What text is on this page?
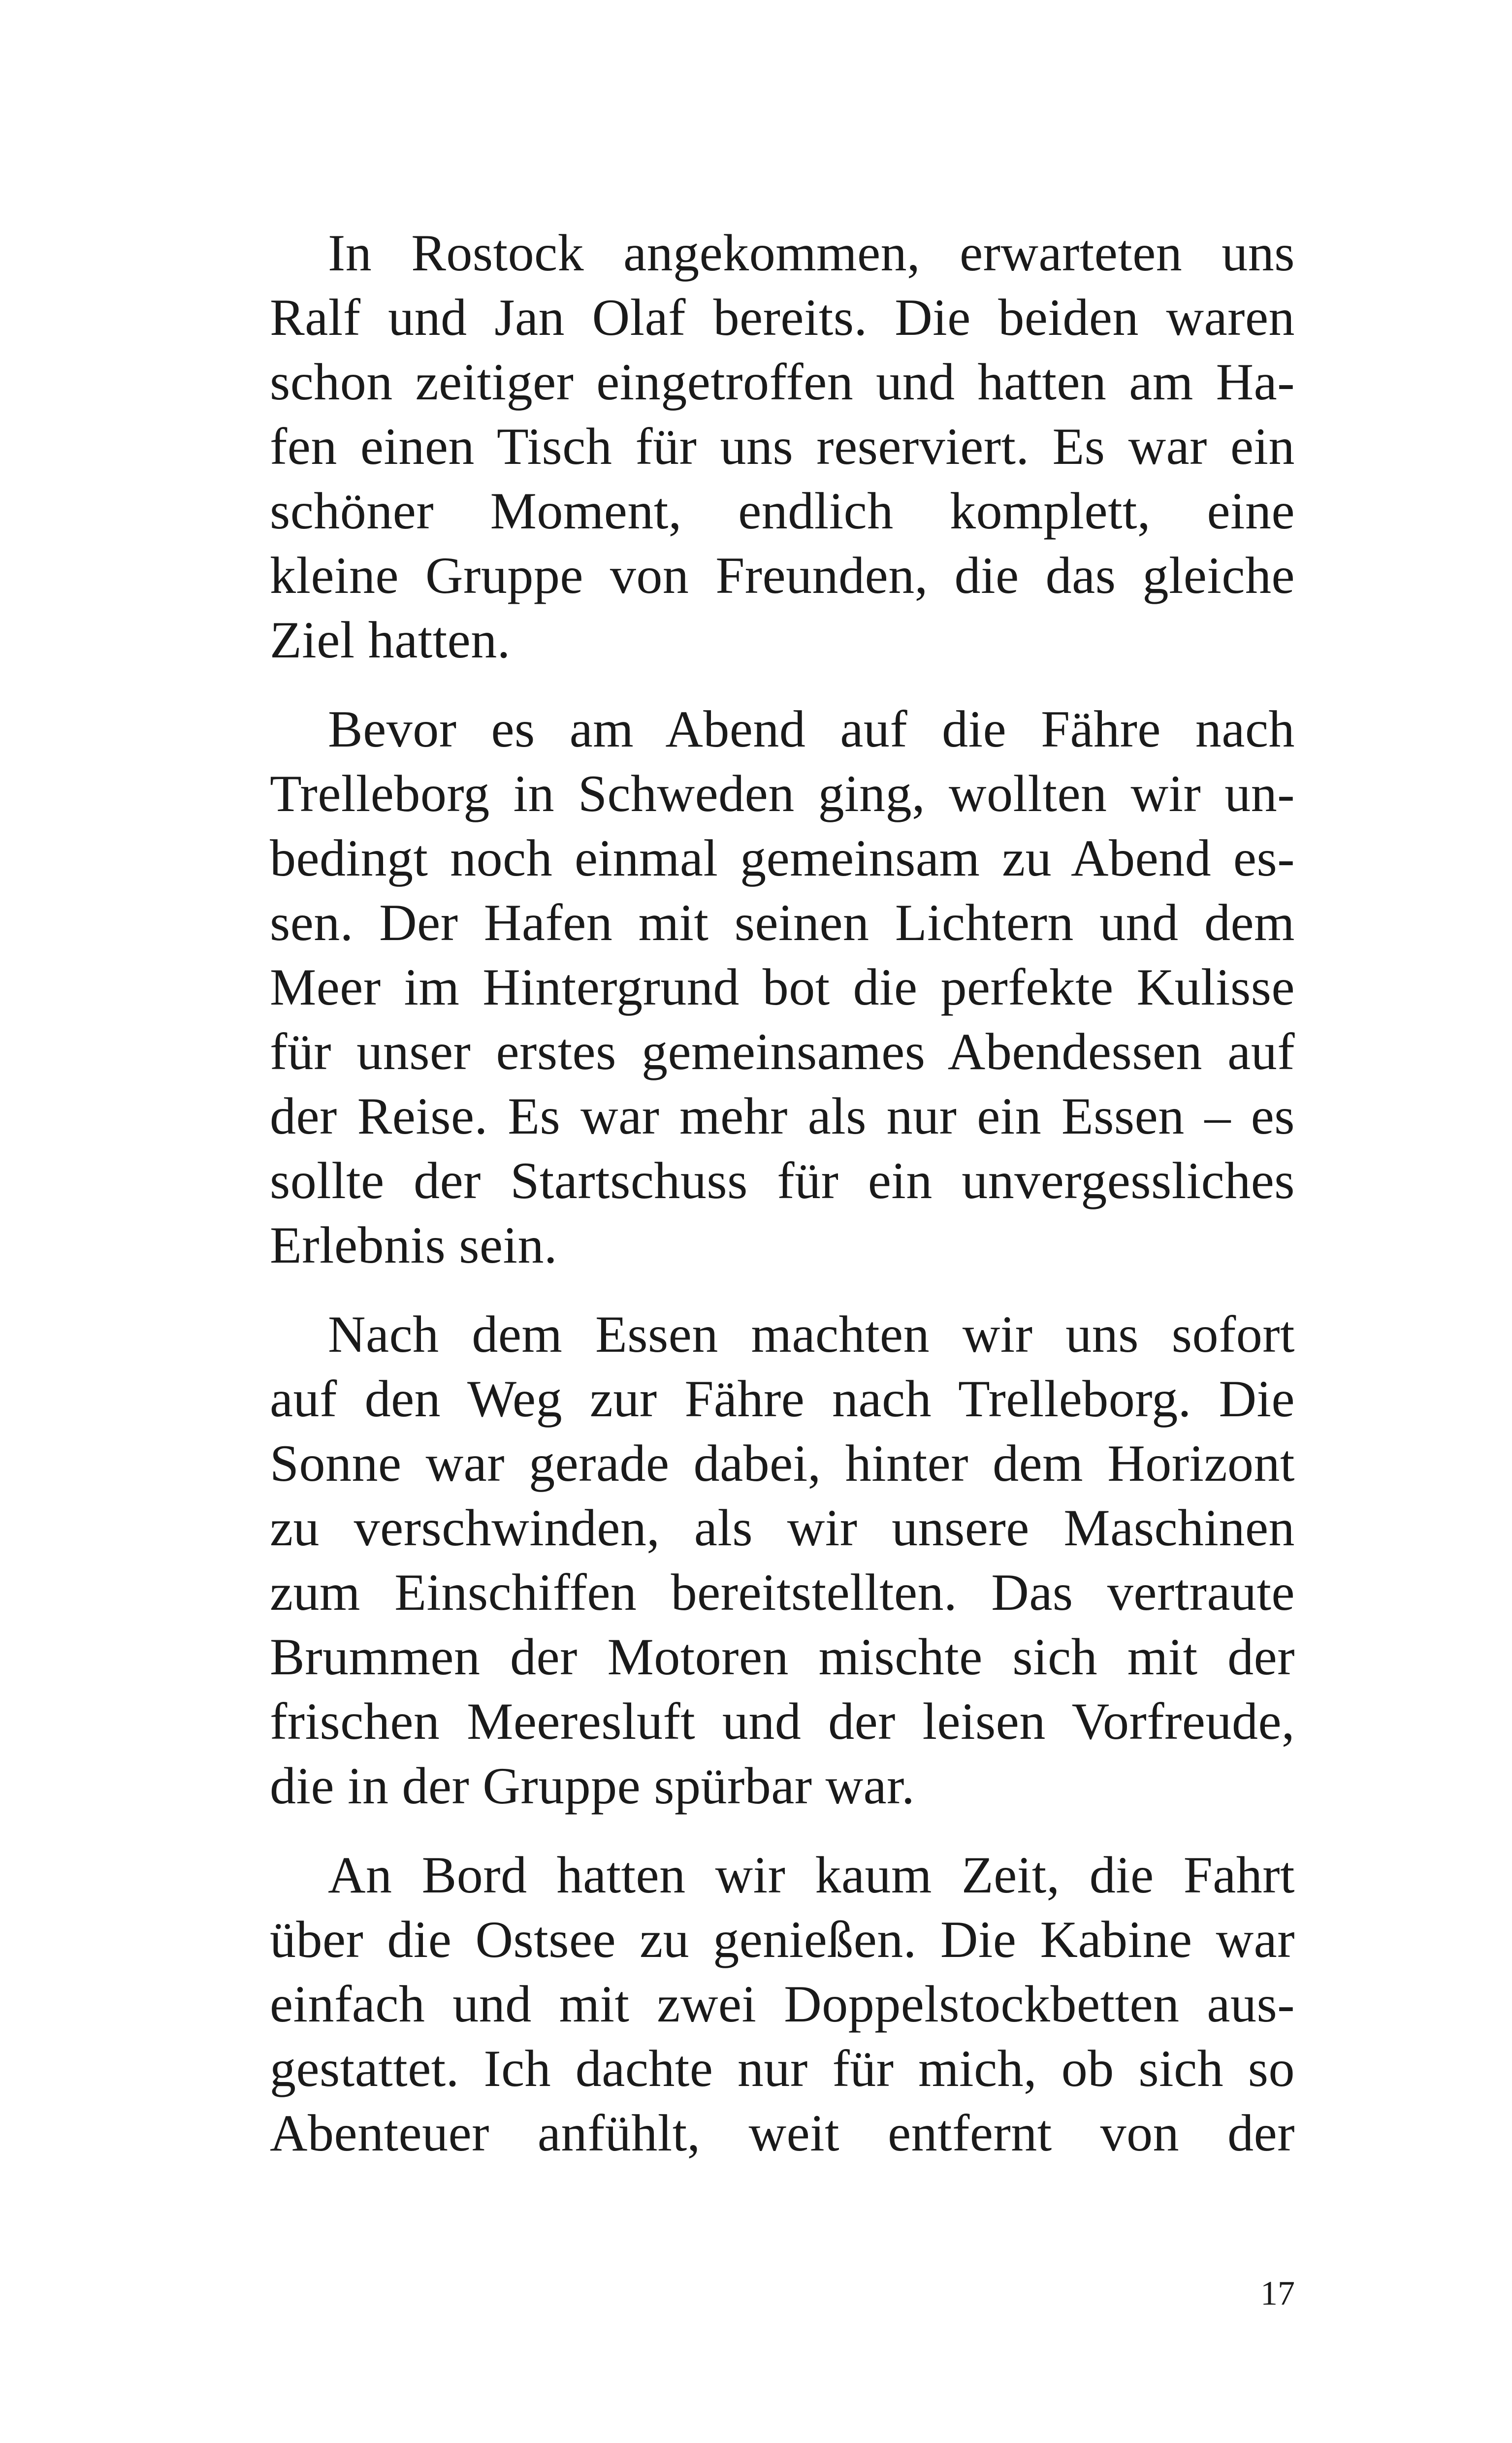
In Rostock angekommen, erwarteten uns
Ralf und Jan Olaf bereits. Die beiden waren
schon zeitiger eingetroffen und hatten am Ha-
fen einen Tisch für uns reserviert. Es war ein
schöner Moment, endlich komplett, eine
kleine Gruppe von Freunden, die das gleiche
Ziel hatten.

Bevor es am Abend auf die Fähre nach
Trelleborg in Schweden ging, wollten wir un-
bedingt noch einmal gemeinsam zu Abend es-
sen. Der Hafen mit seinen Lichtern und dem
Meer im Hintergrund bot die perfekte Kulisse
für unser erstes gemeinsames Abendessen auf
der Reise. Es war mehr als nur ein Essen – es
sollte der Startschuss für ein unvergessliches
Erlebnis sein.

Nach dem Essen machten wir uns sofort
auf den Weg zur Fähre nach Trelleborg. Die
Sonne war gerade dabei, hinter dem Horizont
zu verschwinden, als wir unsere Maschinen
zum Einschiffen bereitstellten. Das vertraute
Brummen der Motoren mischte sich mit der
frischen Meeresluft und der leisen Vorfreude,
die in der Gruppe spürbar war.

An Bord hatten wir kaum Zeit, die Fahrt
über die Ostsee zu genießen. Die Kabine war
einfach und mit zwei Doppelstockbetten aus-
gestattet. Ich dachte nur für mich, ob sich so
Abenteuer anfühlt, weit entfernt von der

17
